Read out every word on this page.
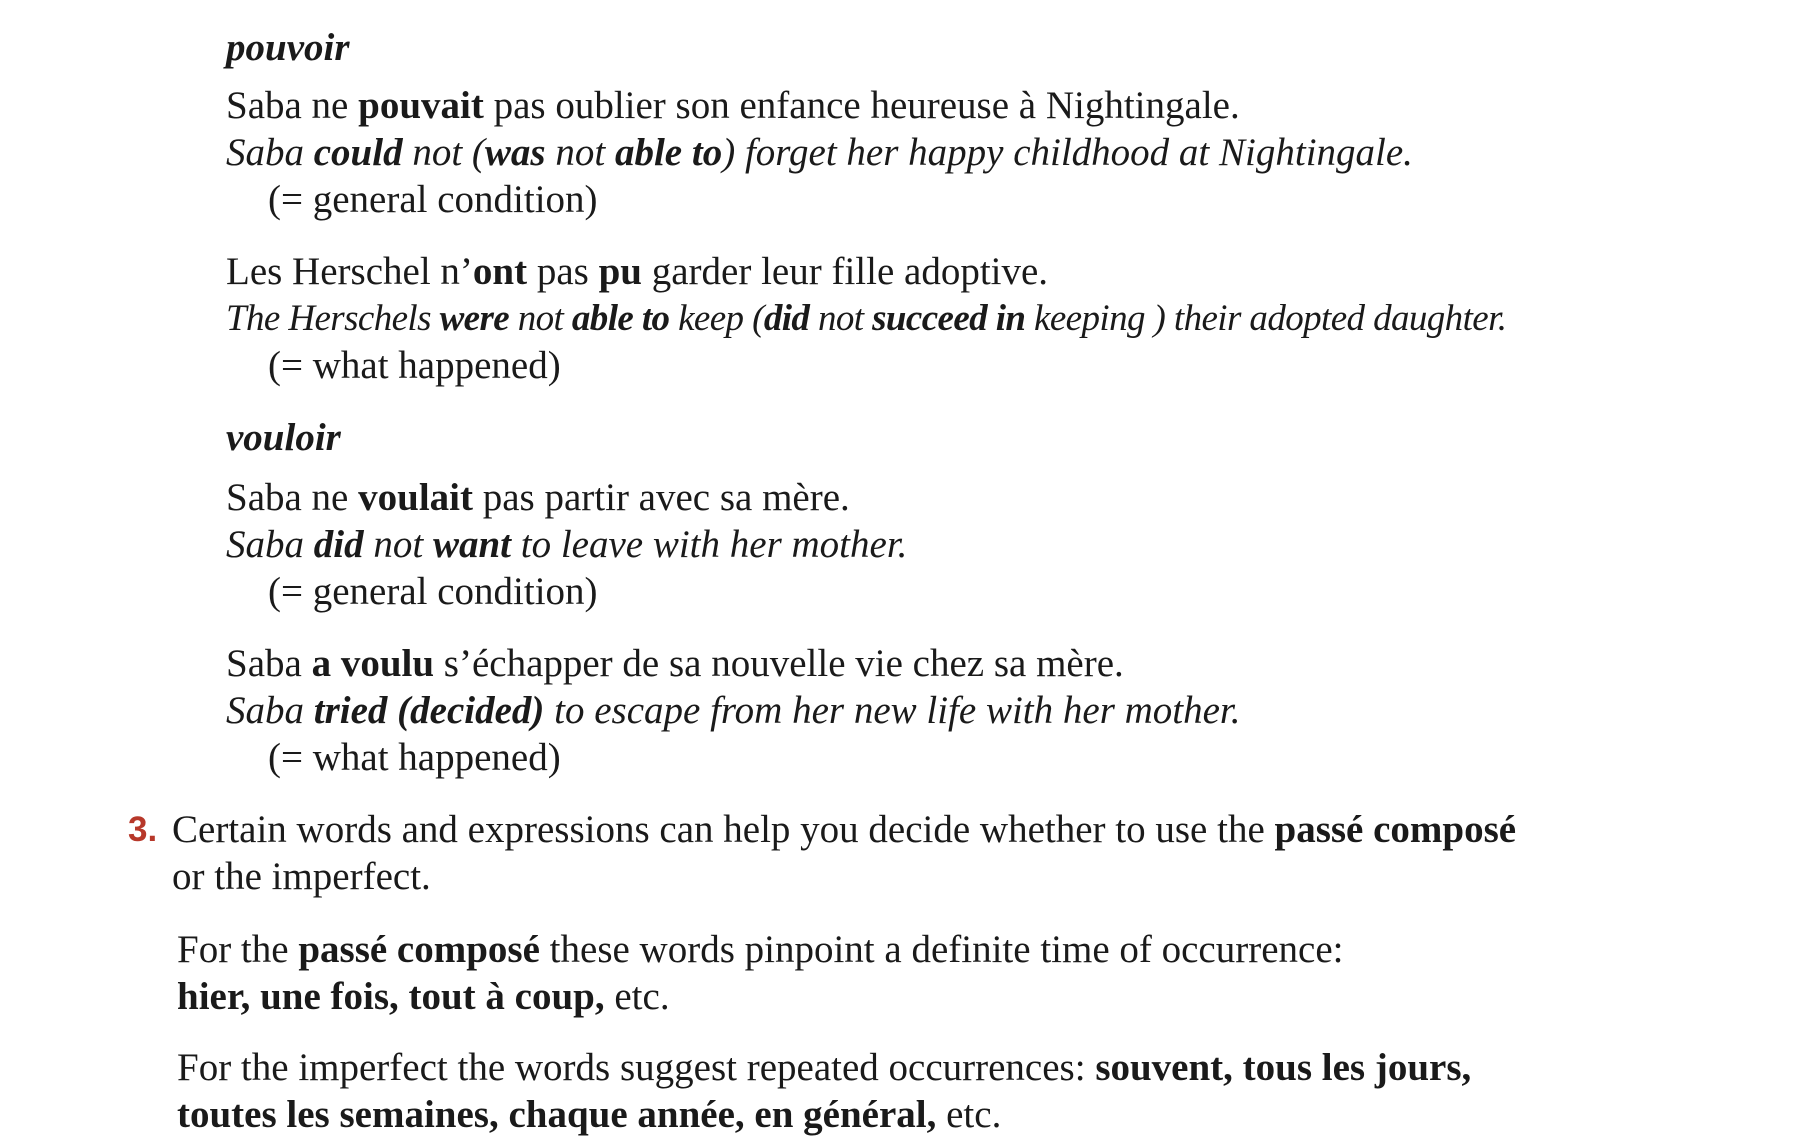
pouvoir

Saba ne pouvait pas oublier son enfance heureuse à Nightingale.

Saba could not (was not able to) forget her happy childhood at Nightingale.

(= general condition)

Les Herschel n’ont pas pu garder leur fille adoptive.

The Herschels were not able to keep (did not succeed in keeping ) their adopted daughter.

(= what happened)

vouloir

Saba ne voulait pas partir avec sa mère.

Saba did not want to leave with her mother.

(= general condition)

Saba a voulu s’échapper de sa nouvelle vie chez sa mère.

Saba tried (decided) to escape from her new life with her mother.

(= what happened)

3. Certain words and expressions can help you decide whether to use the passé composé

or the imperfect.

For the passé composé these words pinpoint a definite time of occurrence:

hier, une fois, tout à coup, etc.

For the imperfect the words suggest repeated occurrences: souvent, tous les jours,

toutes les semaines, chaque année, en général, etc.
